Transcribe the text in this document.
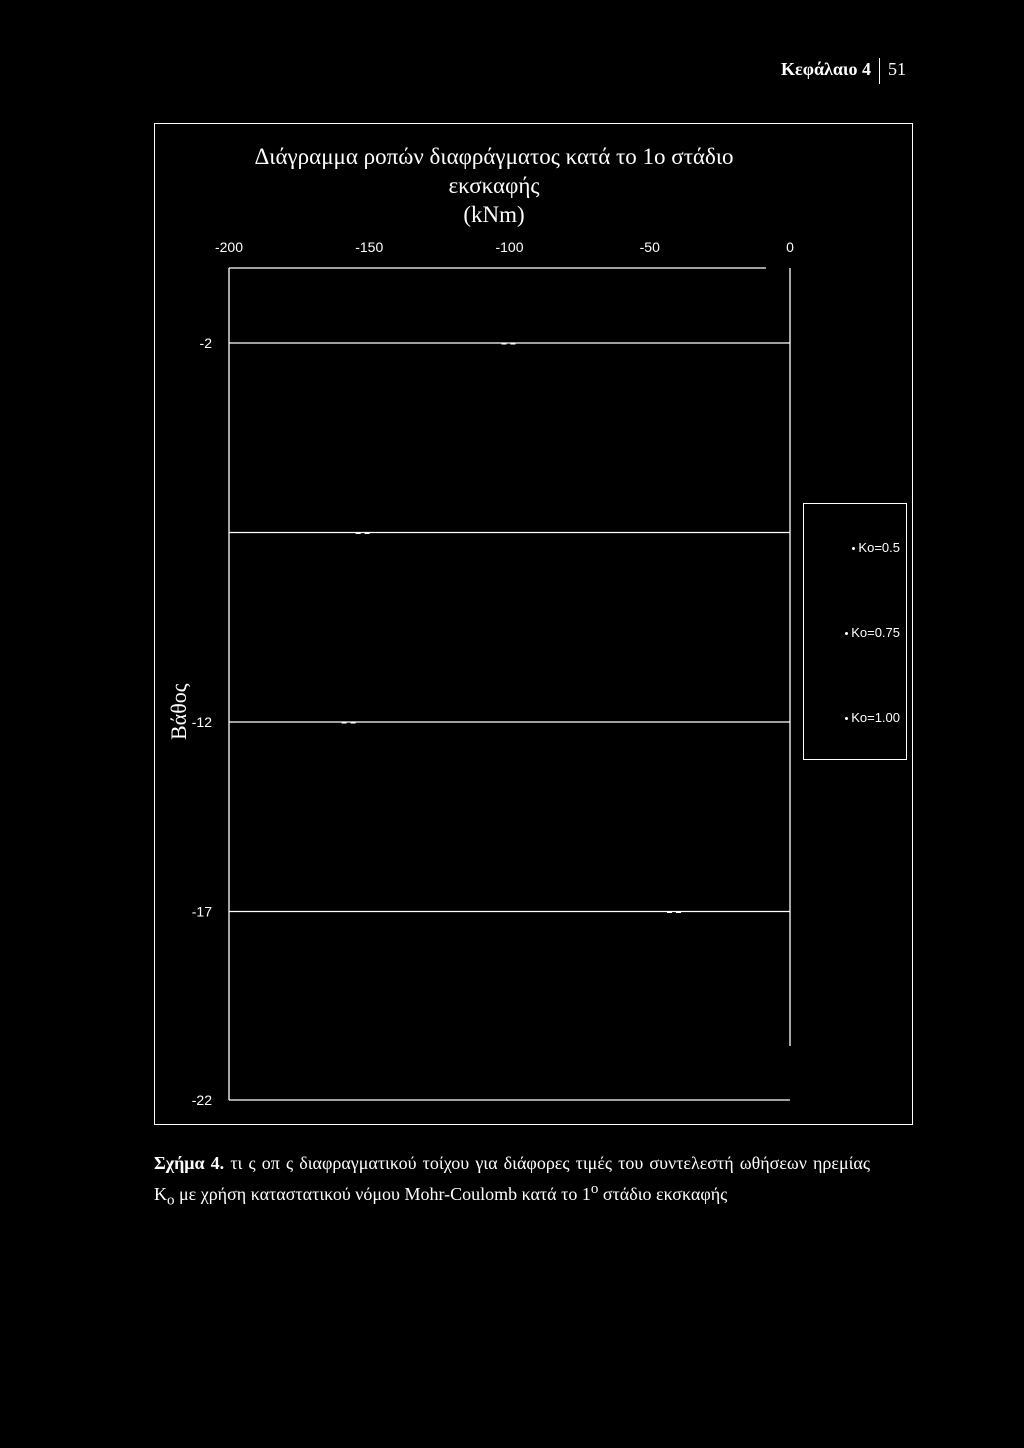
Κεφάλαιο 4 51
Διάγραμμα ροπών διαφράγματος κατά το 1ο στάδιο
εκσκαφής
(kNm)
-200	-150	-100	-50	0
-2
-12
-17
-22
Βάθος
Ko=0.5
Ko=0.75
Ko=1.00
Σχήμα 4. τι ς οπ ς διαφραγματικού τοίχου για διάφορες τιμές του συντελεστή ωθήσεων ηρεμίας $K_o$ με χρήση καταστατικού νόμου Mohr-Coulomb κατά το $1^o$ στάδιο εκσκαφής
